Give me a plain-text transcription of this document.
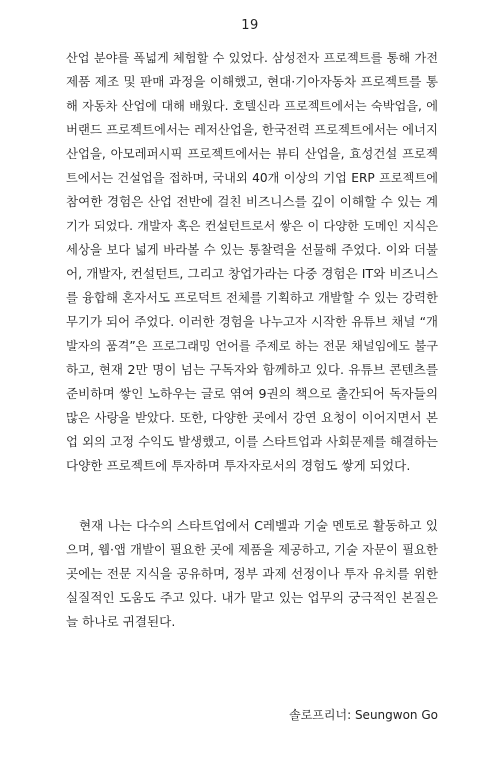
19
산업 분야를 폭넓게 체험할 수 있었다. 삼성전자 프로젝트를 통해 가전
제품 제조 및 판매 과정을 이해했고, 현대·기아자동차 프로젝트를 통
해 자동차 산업에 대해 배웠다. 호텔신라 프로젝트에서는 숙박업을, 에
버랜드 프로젝트에서는 레저산업을, 한국전력 프로젝트에서는 에너지
산업을, 아모레퍼시픽 프로젝트에서는 뷰티 산업을, 효성건설 프로젝
트에서는 건설업을 접하며, 국내외 40개 이상의 기업 ERP 프로젝트에
참여한 경험은 산업 전반에 걸친 비즈니스를 깊이 이해할 수 있는 계
기가 되었다. 개발자 혹은 컨설턴트로서 쌓은 이 다양한 도메인 지식은
세상을 보다 넓게 바라볼 수 있는 통찰력을 선물해 주었다. 이와 더불
어, 개발자, 컨설턴트, 그리고 창업가라는 다중 경험은 IT와 비즈니스
를 융합해 혼자서도 프로덕트 전체를 기획하고 개발할 수 있는 강력한
무기가 되어 주었다. 이러한 경험을 나누고자 시작한 유튜브 채널 “개
발자의 품격”은 프로그래밍 언어를 주제로 하는 전문 채널임에도 불구
하고, 현재 2만 명이 넘는 구독자와 함께하고 있다. 유튜브 콘텐츠를
준비하며 쌓인 노하우는 글로 엮여 9권의 책으로 출간되어 독자들의
많은 사랑을 받았다. 또한, 다양한 곳에서 강연 요청이 이어지면서 본
업 외의 고정 수익도 발생했고, 이를 스타트업과 사회문제를 해결하는
다양한 프로젝트에 투자하며 투자자로서의 경험도 쌓게 되었다.
현재 나는 다수의 스타트업에서 C레벨과 기술 멘토로 활동하고 있
으며, 웹·앱 개발이 필요한 곳에 제품을 제공하고, 기술 자문이 필요한
곳에는 전문 지식을 공유하며, 정부 과제 선정이나 투자 유치를 위한
실질적인 도움도 주고 있다. 내가 맡고 있는 업무의 궁극적인 본질은
늘 하나로 귀결된다.
솔로프리너: Seungwon Go
